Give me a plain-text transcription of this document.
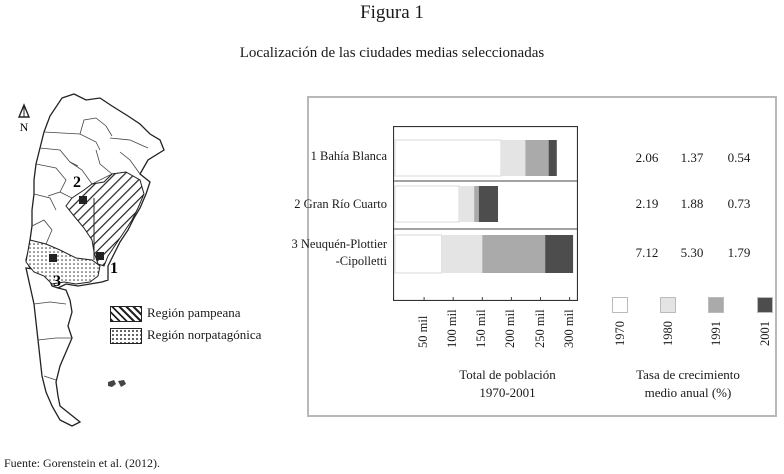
Figura 1
Localización de las ciudades medias seleccionadas
N
2
1
3
Región pampeana
Región norpatagónica
1 Bahía Blanca
2 Gran Río Cuarto
3 Neuquén-Plottier
-Cipolletti
2.06	1.37	0.54
2.19	1.88	0.73
7.12	5.30	1.79
50 mil 100 mil 150 mil 200 mil 250 mil 300 mil	1970	1980	1991	2001
Total de población
1970-2001
Tasa de crecimiento
medio anual (%)
Fuente: Gorenstein et al. (2012).
